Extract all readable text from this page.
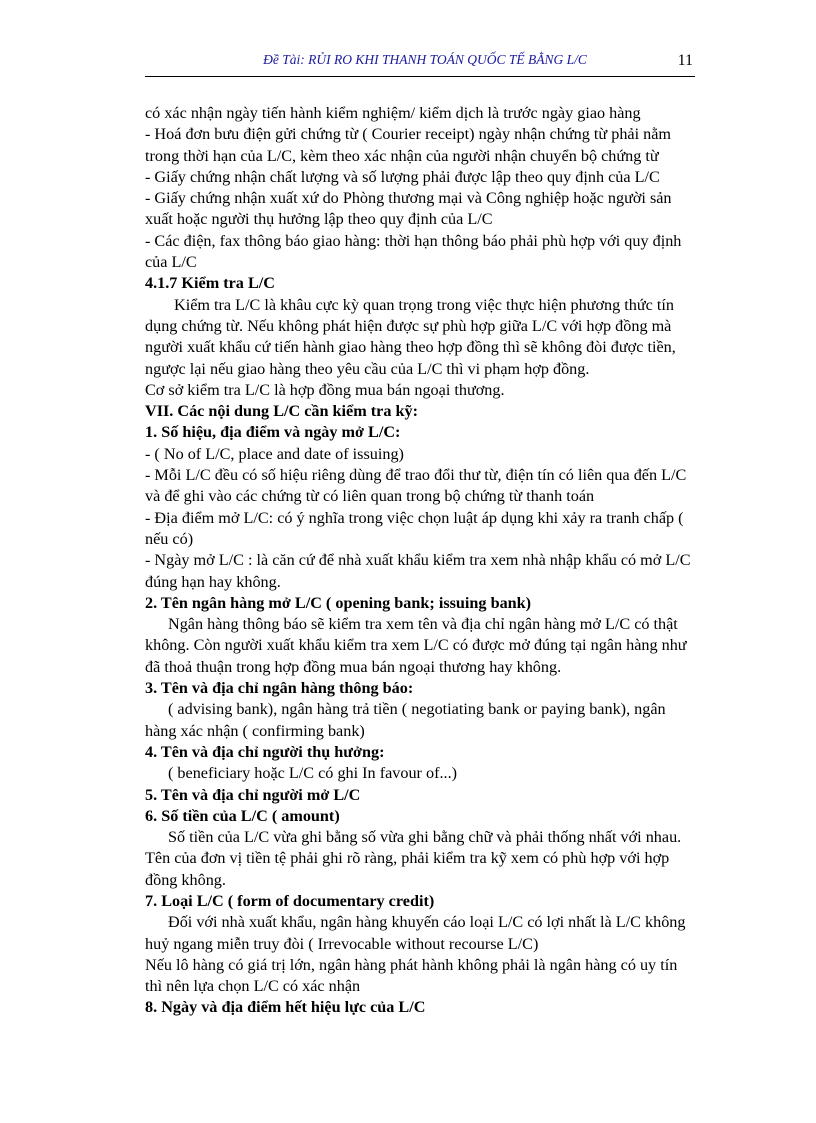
Đề Tài: RỦI RO KHI THANH TOÁN QUỐC TẾ BẰNG L/C	11

có xác nhận ngày tiến hành kiểm nghiệm/ kiểm dịch là trước ngày giao hàng

- Hoá đơn bưu điện gửi chứng từ ( Courier receipt) ngày nhận chứng từ phải nằm

trong thời hạn của L/C, kèm theo xác nhận của người nhận chuyển bộ chứng từ

- Giấy chứng nhận chất lượng và số lượng phải được lập theo quy định của L/C

- Giấy chứng nhận xuất xứ do Phòng thương mại và Công nghiệp hoặc người sản

xuất hoặc người thụ hưởng lập theo quy định của L/C

- Các điện, fax thông báo giao hàng: thời hạn thông báo phải phù hợp với quy định

của L/C

4.1.7 Kiểm tra L/C

Kiểm tra L/C là khâu cực kỳ quan trọng trong việc thực hiện phương thức tín

dụng chứng từ. Nếu không phát hiện được sự phù hợp giữa L/C với hợp đồng mà

người xuất khẩu cứ tiến hành giao hàng theo hợp đồng thì sẽ không đòi được tiền,

ngược lại nếu giao hàng theo yêu cầu của L/C thì vi phạm hợp đồng.

Cơ sở kiểm tra L/C là hợp đồng mua bán ngoại thương.

VII. Các nội dung L/C cần kiểm tra kỹ:

1. Số hiệu, địa điểm và ngày mở L/C:

- ( No of L/C, place and date of issuing)

- Mỗi L/C đều có số hiệu riêng dùng để trao đổi thư từ, điện tín có liên qua đến L/C

và để ghi vào các chứng từ có liên quan trong bộ chứng từ thanh toán

- Địa điểm mở L/C: có ý nghĩa trong việc chọn luật áp dụng khi xảy ra tranh chấp (

nếu có)

- Ngày mở L/C : là căn cứ để nhà xuất khẩu kiểm tra xem nhà nhập khẩu có mở L/C

đúng hạn hay không.

2. Tên ngân hàng mở L/C ( opening bank; issuing bank)

Ngân hàng thông báo sẽ kiểm tra xem tên và địa chỉ ngân hàng mở L/C có thật

không. Còn người xuất khẩu kiểm tra xem L/C có được mở đúng tại ngân hàng như

đã thoả thuận trong hợp đồng mua bán ngoại thương hay không.

3. Tên và địa chỉ ngân hàng thông báo:

( advising bank), ngân hàng trả tiền ( negotiating bank or paying bank), ngân

hàng xác nhận ( confirming bank)

4. Tên và địa chỉ người thụ hưởng:

( beneficiary hoặc L/C có ghi In favour of...)

5. Tên và địa chỉ người mở L/C

6. Số tiền của L/C ( amount)

Số tiền của L/C vừa ghi bằng số vừa ghi bằng chữ và phải thống nhất với nhau.

Tên của đơn vị tiền tệ phải ghi rõ ràng, phải kiểm tra kỹ xem có phù hợp với hợp

đồng không.

7. Loại L/C ( form of documentary credit)

Đối với nhà xuất khẩu, ngân hàng khuyến cáo loại L/C có lợi nhất là L/C không

huỷ ngang miễn truy đòi ( Irrevocable without recourse L/C)

Nếu lô hàng có giá trị lớn, ngân hàng phát hành không phải là ngân hàng có uy tín

thì nên lựa chọn L/C có xác nhận

8. Ngày và địa điểm hết hiệu lực của L/C
